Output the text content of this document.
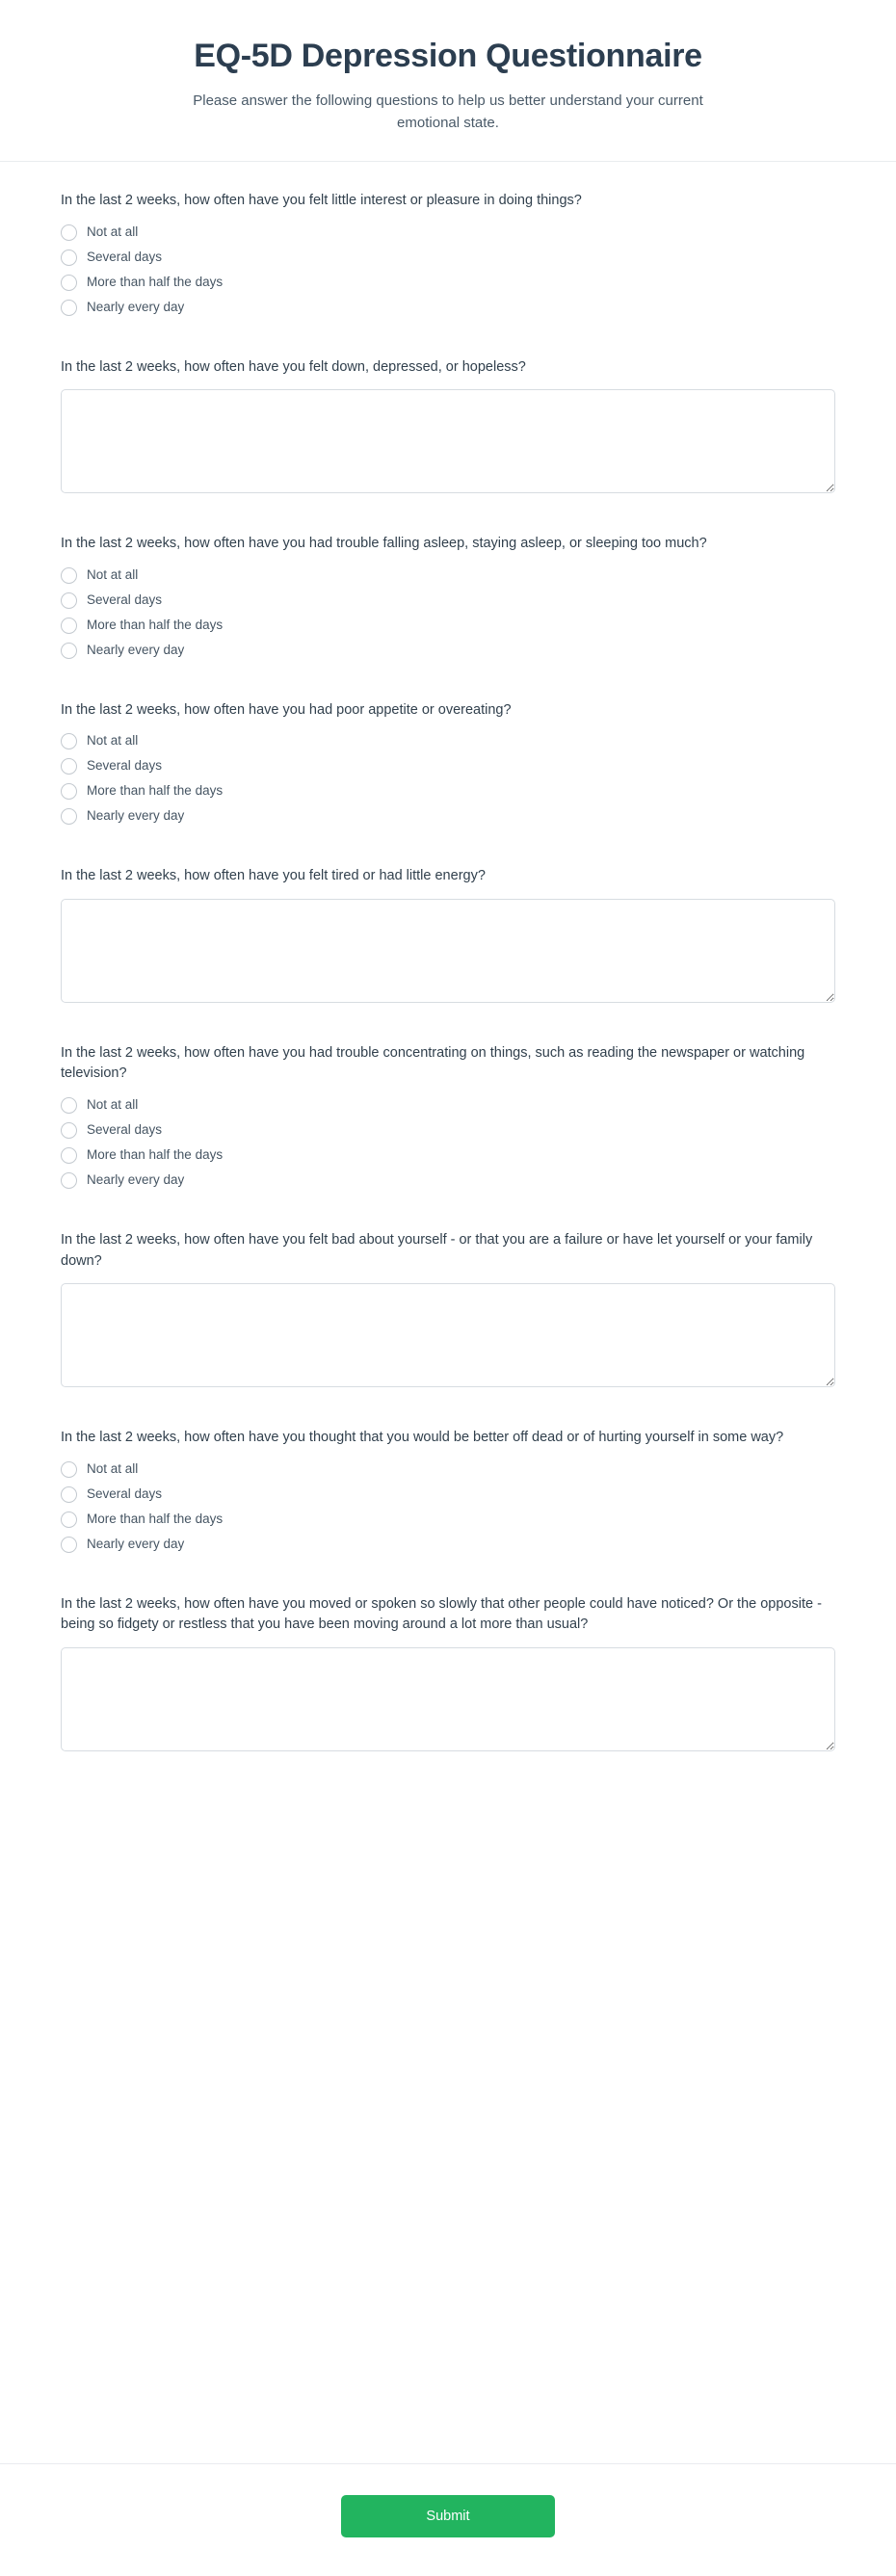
EQ-5D Depression Questionnaire

Please answer the following questions to help us better understand your current emotional state.

In the last 2 weeks, how often have you felt little interest or pleasure in doing things?
Not at all
Several days
More than half the days
Nearly every day
In the last 2 weeks, how often have you felt down, depressed, or hopeless?
In the last 2 weeks, how often have you had trouble falling asleep, staying asleep, or sleeping too much?
Not at all
Several days
More than half the days
Nearly every day
In the last 2 weeks, how often have you had poor appetite or overeating?
Not at all
Several days
More than half the days
Nearly every day
In the last 2 weeks, how often have you felt tired or had little energy?
In the last 2 weeks, how often have you had trouble concentrating on things, such as reading the newspaper or watching television?
Not at all
Several days
More than half the days
Nearly every day
In the last 2 weeks, how often have you felt bad about yourself - or that you are a failure or have let yourself or your family down?
In the last 2 weeks, how often have you thought that you would be better off dead or of hurting yourself in some way?
Not at all
Several days
More than half the days
Nearly every day
In the last 2 weeks, how often have you moved or spoken so slowly that other people could have noticed? Or the opposite - being so fidgety or restless that you have been moving around a lot more than usual?
Submit
